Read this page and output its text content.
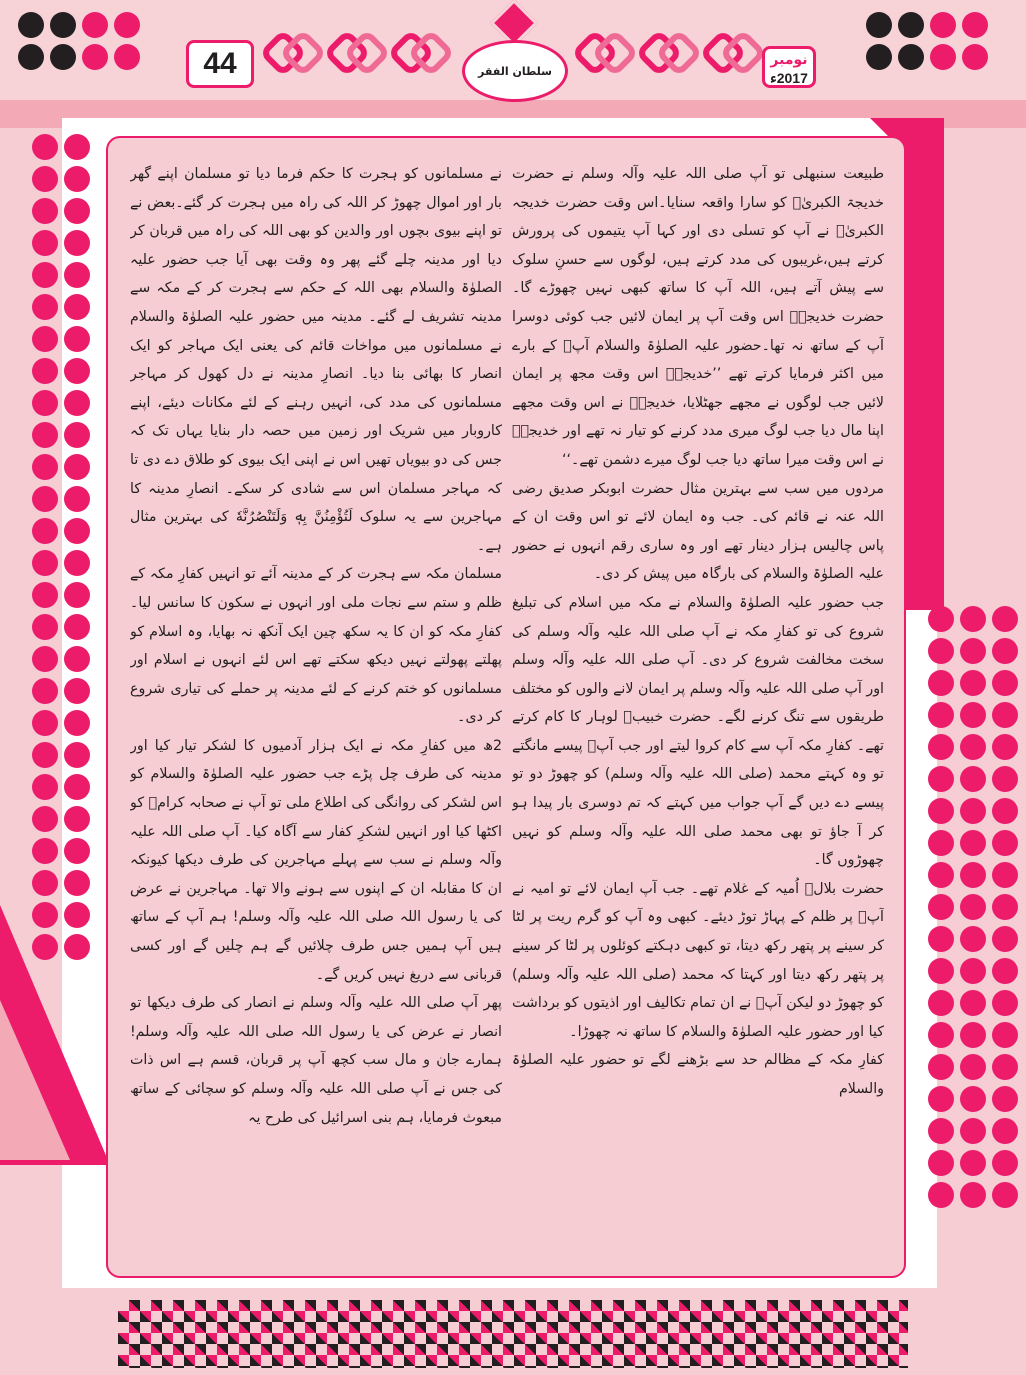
44	سلطان الفقر
نومبر
2017ء

طبیعت سنبھلی تو آپ صلی اللہ علیہ وآلہ وسلم نے حضرت خدیجۃ الکبریٰؓ کو سارا واقعہ سنایا۔اس وقت حضرت خدیجہ الکبریٰؓ نے آپ کو تسلی دی اور کہا آپ یتیموں کی پرورش کرتے ہیں،غریبوں کی مدد کرتے ہیں، لوگوں سے حسنِ سلوک سے پیش آتے ہیں، اللہ آپ کا ساتھ کبھی نہیں چھوڑے گا۔ حضرت خدیجہؓ اس وقت آپ پر ایمان لائیں جب کوئی دوسرا آپ کے ساتھ نہ تھا۔حضور علیہ الصلوٰۃ والسلام آپؓ کے بارے میں اکثر فرمایا کرتے تھے ’’خدیجہؓ اس وقت مجھ پر ایمان لائیں جب لوگوں نے مجھے جھٹلایا، خدیجہؓ نے اس وقت مجھے اپنا مال دیا جب لوگ میری مدد کرنے کو تیار نہ تھے اور خدیجہؓ نے اس وقت میرا ساتھ دیا جب لوگ میرے دشمن تھے۔‘‘

مردوں میں سب سے بہترین مثال حضرت ابوبکر صدیق رضی اللہ عنہ نے قائم کی۔ جب وہ ایمان لائے تو اس وقت ان کے پاس چالیس ہزار دینار تھے اور وہ ساری رقم انہوں نے حضور علیہ الصلوٰۃ والسلام کی بارگاہ میں پیش کر دی۔

جب حضور علیہ الصلوٰۃ والسلام نے مکہ میں اسلام کی تبلیغ شروع کی تو کفارِ مکہ نے آپ صلی اللہ علیہ وآلہ وسلم کی سخت مخالفت شروع کر دی۔ آپ صلی اللہ علیہ وآلہ وسلم اور آپ صلی اللہ علیہ وآلہ وسلم پر ایمان لانے والوں کو مختلف طریقوں سے تنگ کرنے لگے۔ حضرت خبیبؓ لوہار کا کام کرتے تھے۔ کفارِ مکہ آپ سے کام کروا لیتے اور جب آپؓ پیسے مانگتے تو وہ کہتے محمد (صلی اللہ علیہ وآلہ وسلم) کو چھوڑ دو تو پیسے دے دیں گے آپ جواب میں کہتے کہ تم دوسری بار پیدا ہو کر آ جاؤ تو بھی محمد صلی اللہ علیہ وآلہ وسلم کو نہیں چھوڑوں گا۔

حضرت بلالؓ اُمیہ کے غلام تھے۔ جب آپ ایمان لائے تو امیہ نے آپؓ پر ظلم کے پہاڑ توڑ دیئے۔ کبھی وہ آپ کو گرم ریت پر لٹا کر سینے پر پتھر رکھ دیتا، تو کبھی دہکتے کوئلوں پر لٹا کر سینے پر پتھر رکھ دیتا اور کہتا کہ محمد (صلی اللہ علیہ وآلہ وسلم) کو چھوڑ دو لیکن آپؓ نے ان تمام تکالیف اور اذیتوں کو برداشت کیا اور حضور علیہ الصلوٰۃ والسلام کا ساتھ نہ چھوڑا۔

کفارِ مکہ کے مظالم حد سے بڑھنے لگے تو حضور علیہ الصلوٰۃ والسلام

نے مسلمانوں کو ہجرت کا حکم فرما دیا تو مسلمان اپنے گھر بار اور اموال چھوڑ کر اللہ کی راہ میں ہجرت کر گئے۔بعض نے تو اپنے بیوی بچوں اور والدین کو بھی اللہ کی راہ میں قربان کر دیا اور مدینہ چلے گئے پھر وہ وقت بھی آیا جب حضور علیہ الصلوٰۃ والسلام بھی اللہ کے حکم سے ہجرت کر کے مکہ سے مدینہ تشریف لے گئے۔ مدینہ میں حضور علیہ الصلوٰۃ والسلام نے مسلمانوں میں مواخات قائم کی یعنی ایک مہاجر کو ایک انصار کا بھائی بنا دیا۔ انصارِ مدینہ نے دل کھول کر مہاجر مسلمانوں کی مدد کی، انہیں رہنے کے لئے مکانات دیئے، اپنے کاروبار میں شریک اور زمین میں حصہ دار بنایا یہاں تک کہ جس کی دو بیویاں تھیں اس نے اپنی ایک بیوی کو طلاق دے دی تا کہ مہاجر مسلمان اس سے شادی کر سکے۔ انصارِ مدینہ کا مہاجرین سے یہ سلوک لَتُؤْمِنُنَّ بِهٖ وَلَتَنْصُرُنَّهٗ کی بہترین مثال ہے۔

مسلمان مکہ سے ہجرت کر کے مدینہ آئے تو انہیں کفارِ مکہ کے ظلم و ستم سے نجات ملی اور انہوں نے سکون کا سانس لیا۔ کفارِ مکہ کو ان کا یہ سکھ چین ایک آنکھ نہ بھایا، وہ اسلام کو پھلتے پھولتے نہیں دیکھ سکتے تھے اس لئے انہوں نے اسلام اور مسلمانوں کو ختم کرنے کے لئے مدینہ پر حملے کی تیاری شروع کر دی۔

2ھ میں کفارِ مکہ نے ایک ہزار آدمیوں کا لشکر تیار کیا اور مدینہ کی طرف چل پڑے جب حضور علیہ الصلوٰۃ والسلام کو اس لشکر کی روانگی کی اطلاع ملی تو آپ نے صحابہ کرامؓ کو اکٹھا کیا اور انہیں لشکرِ کفار سے آگاہ کیا۔ آپ صلی اللہ علیہ وآلہ وسلم نے سب سے پہلے مہاجرین کی طرف دیکھا کیونکہ ان کا مقابلہ ان کے اپنوں سے ہونے والا تھا۔ مہاجرین نے عرض کی یا رسول اللہ صلی اللہ علیہ وآلہ وسلم! ہم آپ کے ساتھ ہیں آپ ہمیں جس طرف چلائیں گے ہم چلیں گے اور کسی قربانی سے دریغ نہیں کریں گے۔

پھر آپ صلی اللہ علیہ وآلہ وسلم نے انصار کی طرف دیکھا تو انصار نے عرض کی یا رسول اللہ صلی اللہ علیہ وآلہ وسلم! ہمارے جان و مال سب کچھ آپ پر قربان، قسم ہے اس ذات کی جس نے آپ صلی اللہ علیہ وآلہ وسلم کو سچائی کے ساتھ مبعوث فرمایا، ہم بنی اسرائیل کی طرح یہ
